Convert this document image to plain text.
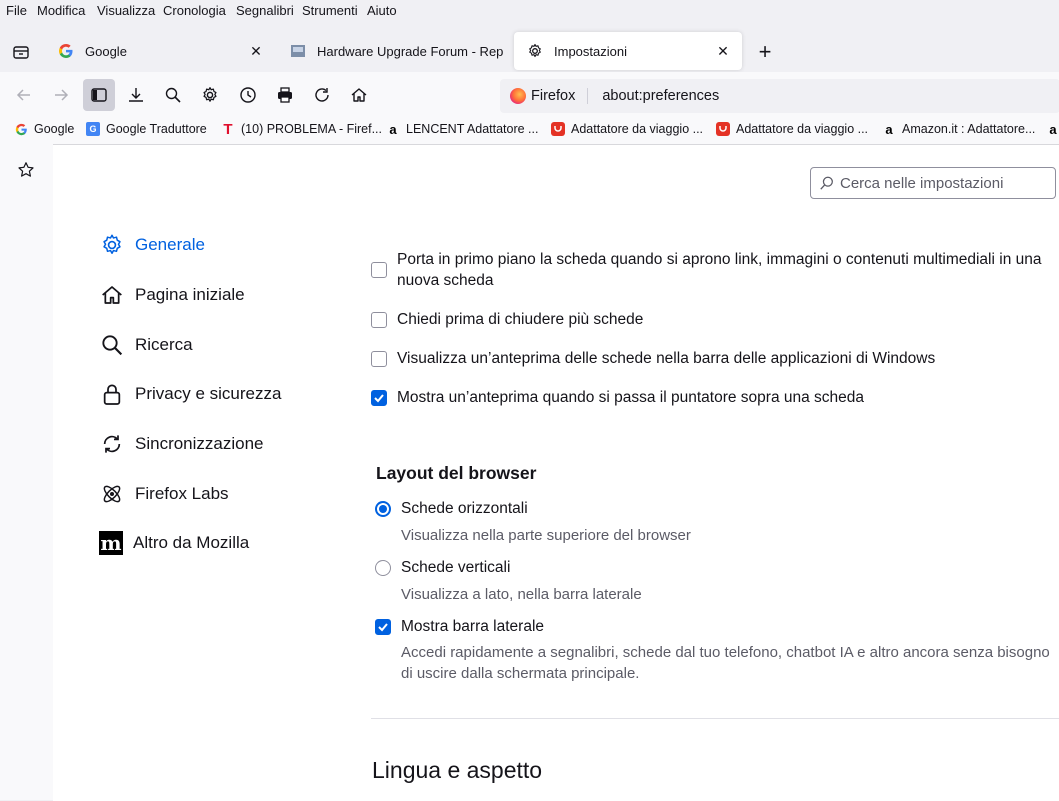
File Modifica Visualizza Cronologia Segnalibri Strumenti Aiuto
Google	✕	Hardware Upgrade Forum - Rep	Impostazioni	✕ +
Firefox	about:preferences
Google	G Google Traduttore T (10) PROBLEMA - Firef... a LENCENT Adattatore ...	Adattatore da viaggio ...	Adattatore da viaggio ... a Amazon.it : Adattatore... a
Cerca nelle impostazioni
Generale
Pagina iniziale
Ricerca
Privacy e sicurezza
Sincronizzazione
Firefox Labs
m Altro da Mozilla
Porta in primo piano la scheda quando si aprono link, immagini o contenuti multimediali in una nuova scheda
Chiedi prima di chiudere più schede
Visualizza un’anteprima delle schede nella barra delle applicazioni di Windows
Mostra un’anteprima quando si passa il puntatore sopra una scheda
Layout del browser
Schede orizzontali
Visualizza nella parte superiore del browser
Schede verticali
Visualizza a lato, nella barra laterale
Mostra barra laterale
Accedi rapidamente a segnalibri, schede dal tuo telefono, chatbot IA e altro ancora senza bisogno di uscire dalla schermata principale.
Lingua e aspetto
